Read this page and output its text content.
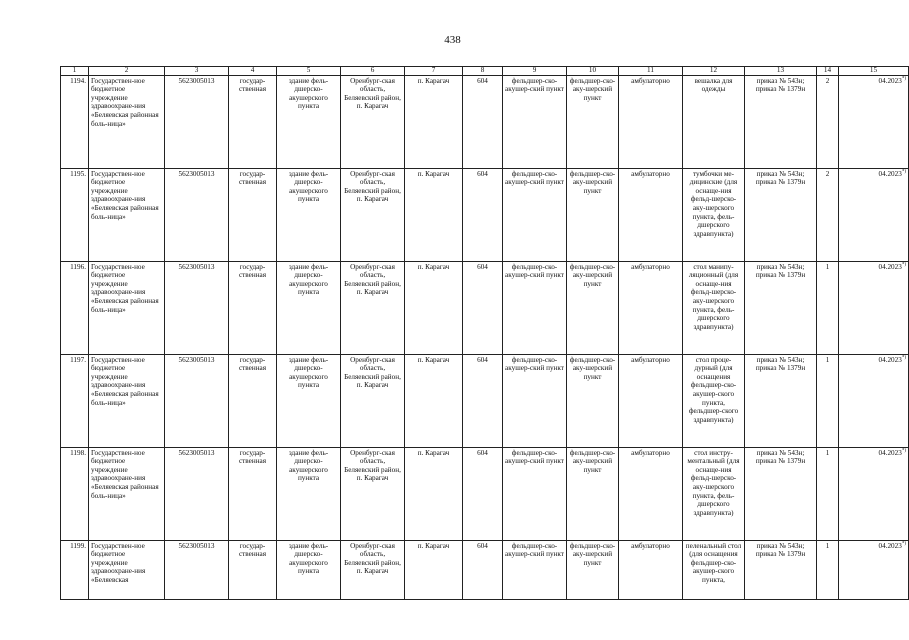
438
1	2	3	4	5	6	7	8	9	10	11	12	13	14	15
1194.	Государствен-ное бюджетное учреждение здравоохране-ния «Беляевская районная боль-ница»	5623005013	государ-ственная	здание фель-дшерско-акушерского пункта	Оренбург-ская область, Беляевский район, п. Карагач	п. Карагач	604	фельдшер-ско-акушер-ский пункт	фельдшер-ско-аку-шерский пункт	амбулаторно	вешалка для одежды	приказ № 543н; приказ № 1379н	2	04.2023*)
1195.	Государствен-ное бюджетное учреждение здравоохране-ния «Беляевская районная боль-ница»	5623005013	государ-ственная	здание фель-дшерско-акушерского пункта	Оренбург-ская область, Беляевский район, п. Карагач	п. Карагач	604	фельдшер-ско-акушер-ский пункт	фельдшер-ско-аку-шерский пункт	амбулаторно	тумбочки ме-дицинские (для оснаще-ния фельд-шерско-аку-шерского пункта, фель-дшерского здравпункта)	приказ № 543н; приказ № 1379н	2	04.2023*)
1196.	Государствен-ное бюджетное учреждение здравоохране-ния «Беляевская районная боль-ница»	5623005013	государ-ственная	здание фель-дшерско-акушерского пункта	Оренбург-ская область, Беляевский район, п. Карагач	п. Карагач	604	фельдшер-ско-акушер-ский пункт	фельдшер-ско-аку-шерский пункт	амбулаторно	стол манипу-ляционный (для оснаще-ния фельд-шерско-аку-шерского пункта, фель-дшерского здравпункта)	приказ № 543н; приказ № 1379н	1	04.2023*)
1197.	Государствен-ное бюджетное учреждение здравоохране-ния «Беляевская районная боль-ница»	5623005013	государ-ственная	здание фель-дшерско-акушерского пункта	Оренбург-ская область, Беляевский район, п. Карагач	п. Карагач	604	фельдшер-ско-акушер-ский пункт	фельдшер-ско-аку-шерский пункт	амбулаторно	стол проце-дурный (для оснащения фельдшер-ско-акушер-ского пункта, фельдшер-ского здравпункта)	приказ № 543н; приказ № 1379н	1	04.2023*)
1198.	Государствен-ное бюджетное учреждение здравоохране-ния «Беляевская районная боль-ница»	5623005013	государ-ственная	здание фель-дшерско-акушерского пункта	Оренбург-ская область, Беляевский район, п. Карагач	п. Карагач	604	фельдшер-ско-акушер-ский пункт	фельдшер-ско-аку-шерский пункт	амбулаторно	стол инстру-ментальный (для оснаще-ния фельд-шерско-аку-шерского пункта, фель-дшерского здравпункта)	приказ № 543н; приказ № 1379н	1	04.2023*)
1199.	Государствен-ное бюджетное учреждение здравоохране-ния «Беляевская	5623005013	государ-ственная	здание фель-дшерско-акушерского пункта	Оренбург-ская область, Беляевский район, п. Карагач	п. Карагач	604	фельдшер-ско-акушер-ский пункт	фельдшер-ско-аку-шерский пункт	амбулаторно	пеленальный стол (для оснащения фельдшер-ско-акушер-ского пункта,	приказ № 543н; приказ № 1379н	1	04.2023*)
